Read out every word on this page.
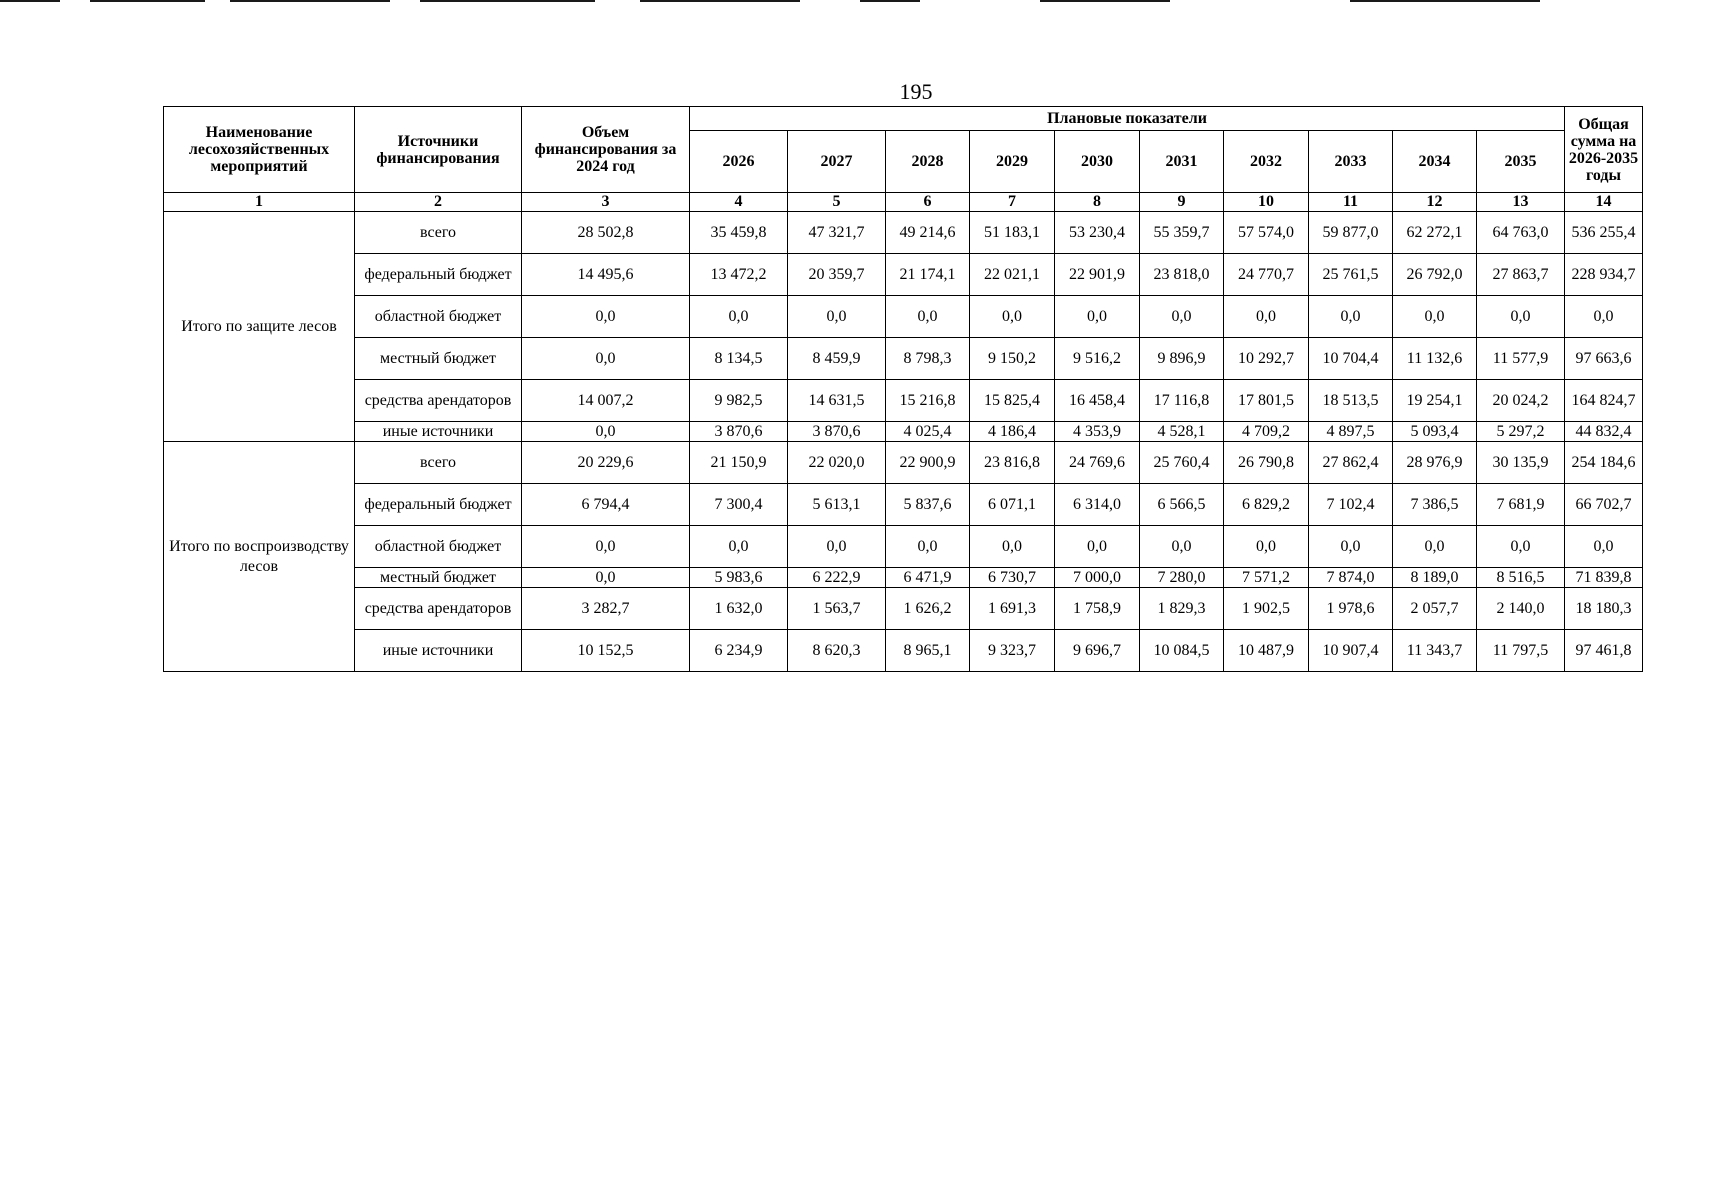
195
Наименование лесохозяйственных мероприятий	Источники финансирования	Объем финансирования за 2024 год	Плановые показатели										Общая сумма на 2026-2035 годы
			2026	2027	2028	2029	2030	2031	2032	2033	2034	2035	
1	2	3	4	5	6	7	8	9	10	11	12	13	14
Итого по защите лесов	всего	28 502,8	35 459,8	47 321,7	49 214,6	51 183,1	53 230,4	55 359,7	57 574,0	59 877,0	62 272,1	64 763,0	536 255,4
	федеральный бюджет	14 495,6	13 472,2	20 359,7	21 174,1	22 021,1	22 901,9	23 818,0	24 770,7	25 761,5	26 792,0	27 863,7	228 934,7
	областной бюджет	0,0	0,0	0,0	0,0	0,0	0,0	0,0	0,0	0,0	0,0	0,0	0,0
	местный бюджет	0,0	8 134,5	8 459,9	8 798,3	9 150,2	9 516,2	9 896,9	10 292,7	10 704,4	11 132,6	11 577,9	97 663,6
	средства арендаторов	14 007,2	9 982,5	14 631,5	15 216,8	15 825,4	16 458,4	17 116,8	17 801,5	18 513,5	19 254,1	20 024,2	164 824,7
	иные источники	0,0	3 870,6	3 870,6	4 025,4	4 186,4	4 353,9	4 528,1	4 709,2	4 897,5	5 093,4	5 297,2	44 832,4
Итого по воспроизводству лесов	всего	20 229,6	21 150,9	22 020,0	22 900,9	23 816,8	24 769,6	25 760,4	26 790,8	27 862,4	28 976,9	30 135,9	254 184,6
	федеральный бюджет	6 794,4	7 300,4	5 613,1	5 837,6	6 071,1	6 314,0	6 566,5	6 829,2	7 102,4	7 386,5	7 681,9	66 702,7
	областной бюджет	0,0	0,0	0,0	0,0	0,0	0,0	0,0	0,0	0,0	0,0	0,0	0,0
	местный бюджет	0,0	5 983,6	6 222,9	6 471,9	6 730,7	7 000,0	7 280,0	7 571,2	7 874,0	8 189,0	8 516,5	71 839,8
	средства арендаторов	3 282,7	1 632,0	1 563,7	1 626,2	1 691,3	1 758,9	1 829,3	1 902,5	1 978,6	2 057,7	2 140,0	18 180,3
	иные источники	10 152,5	6 234,9	8 620,3	8 965,1	9 323,7	9 696,7	10 084,5	10 487,9	10 907,4	11 343,7	11 797,5	97 461,8
